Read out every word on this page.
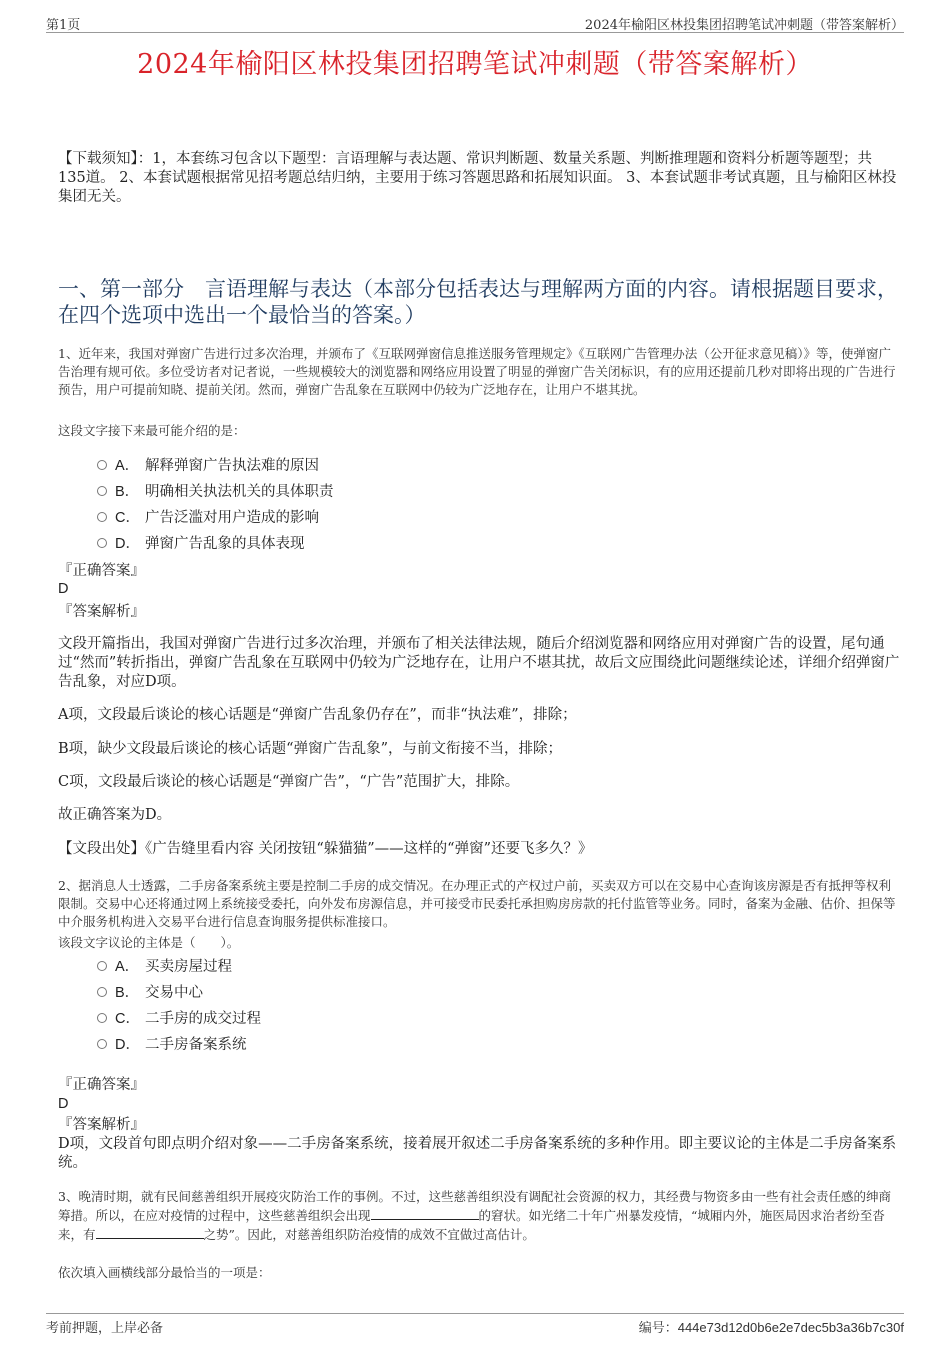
第1页	2024年榆阳区林投集团招聘笔试冲刺题（带答案解析）
2024年榆阳区林投集团招聘笔试冲刺题（带答案解析）
【下载须知】：1，本套练习包含以下题型：言语理解与表达题、常识判断题、数量关系题、判断推理题和资料分析题等题型；共135道。 2、本套试题根据常见招考题总结归纳，主要用于练习答题思路和拓展知识面。 3、本套试题非考试真题，且与榆阳区林投集团无关。
一、第一部分　言语理解与表达（本部分包括表达与理解两方面的内容。请根据题目要求，在四个选项中选出一个最恰当的答案。）
1、近年来，我国对弹窗广告进行过多次治理，并颁布了《互联网弹窗信息推送服务管理规定》《互联网广告管理办法（公开征求意见稿）》等，使弹窗广告治理有规可依。多位受访者对记者说，一些规模较大的浏览器和网络应用设置了明显的弹窗广告关闭标识，有的应用还提前几秒对即将出现的广告进行预告，用户可提前知晓、提前关闭。然而，弹窗广告乱象在互联网中仍较为广泛地存在，让用户不堪其扰。
这段文字接下来最可能介绍的是：
A． 解释弹窗广告执法难的原因
B． 明确相关执法机关的具体职责
C． 广告泛滥对用户造成的影响
D． 弹窗广告乱象的具体表现
『正确答案』
D
『答案解析』
文段开篇指出，我国对弹窗广告进行过多次治理，并颁布了相关法律法规，随后介绍浏览器和网络应用对弹窗广告的设置，尾句通过“然而”转折指出，弹窗广告乱象在互联网中仍较为广泛地存在，让用户不堪其扰，故后文应围绕此问题继续论述，详细介绍弹窗广告乱象，对应D项。
A项，文段最后谈论的核心话题是“弹窗广告乱象仍存在”，而非“执法难”，排除；
B项，缺少文段最后谈论的核心话题“弹窗广告乱象”，与前文衔接不当，排除；
C项，文段最后谈论的核心话题是“弹窗广告”，“广告”范围扩大，排除。
故正确答案为D。
【文段出处】《广告缝里看内容 关闭按钮“躲猫猫”——这样的“弹窗”还要飞多久？》
2、据消息人士透露，二手房备案系统主要是控制二手房的成交情况。在办理正式的产权过户前，买卖双方可以在交易中心查询该房源是否有抵押等权利限制。交易中心还将通过网上系统接受委托，向外发布房源信息，并可接受市民委托承担购房房款的托付监管等业务。同时，备案为金融、估价、担保等中介服务机构进入交易平台进行信息查询服务提供标准接口。
该段文字议论的主体是（　　）。
A． 买卖房屋过程
B． 交易中心
C． 二手房的成交过程
D． 二手房备案系统
『正确答案』
D
『答案解析』
D项，文段首句即点明介绍对象——二手房备案系统，接着展开叙述二手房备案系统的多种作用。即主要议论的主体是二手房备案系统。
3、晚清时期，就有民间慈善组织开展疫灾防治工作的事例。不过，这些慈善组织没有调配社会资源的权力，其经费与物资多由一些有社会责任感的绅商筹措。所以，在应对疫情的过程中，这些慈善组织会出现	的窘状。如光绪二十年广州暴发疫情，“城厢内外，施医局因求治者纷至沓来，有	之势”。因此，对慈善组织防治疫情的成效不宜做过高估计。
依次填入画横线部分最恰当的一项是：
考前押题，上岸必备	编号：444e73d12d0b6e2e7dec5b3a36b7c30f
